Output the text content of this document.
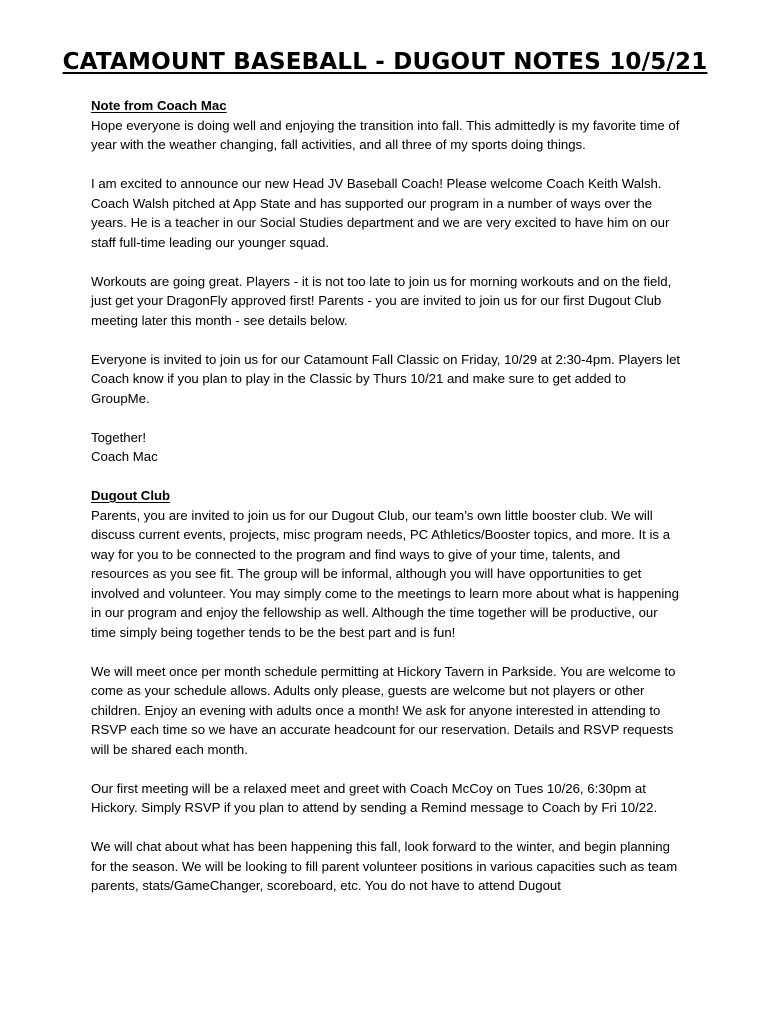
CATAMOUNT BASEBALL - DUGOUT NOTES 10/5/21

Note from Coach Mac

Hope everyone is doing well and enjoying the transition into fall. This admittedly is my favorite time of year with the weather changing, fall activities, and all three of my sports doing things.

I am excited to announce our new Head JV Baseball Coach! Please welcome Coach Keith Walsh. Coach Walsh pitched at App State and has supported our program in a number of ways over the years. He is a teacher in our Social Studies department and we are very excited to have him on our staff full-time leading our younger squad.

Workouts are going great. Players - it is not too late to join us for morning workouts and on the field, just get your DragonFly approved first! Parents - you are invited to join us for our first Dugout Club meeting later this month - see details below.

Everyone is invited to join us for our Catamount Fall Classic on Friday, 10/29 at 2:30-4pm. Players let Coach know if you plan to play in the Classic by Thurs 10/21 and make sure to get added to GroupMe.

Together!
Coach Mac

Dugout Club

Parents, you are invited to join us for our Dugout Club, our team’s own little booster club. We will discuss current events, projects, misc program needs, PC Athletics/Booster topics, and more. It is a way for you to be connected to the program and find ways to give of your time, talents, and resources as you see fit. The group will be informal, although you will have opportunities to get involved and volunteer. You may simply come to the meetings to learn more about what is happening in our program and enjoy the fellowship as well. Although the time together will be productive, our time simply being together tends to be the best part and is fun!

We will meet once per month schedule permitting at Hickory Tavern in Parkside. You are welcome to come as your schedule allows. Adults only please, guests are welcome but not players or other children. Enjoy an evening with adults once a month! We ask for anyone interested in attending to RSVP each time so we have an accurate headcount for our reservation. Details and RSVP requests will be shared each month.

Our first meeting will be a relaxed meet and greet with Coach McCoy on Tues 10/26, 6:30pm at Hickory. Simply RSVP if you plan to attend by sending a Remind message to Coach by Fri 10/22.

We will chat about what has been happening this fall, look forward to the winter, and begin planning for the season. We will be looking to fill parent volunteer positions in various capacities such as team parents, stats/GameChanger, scoreboard, etc. You do not have to attend Dugout
